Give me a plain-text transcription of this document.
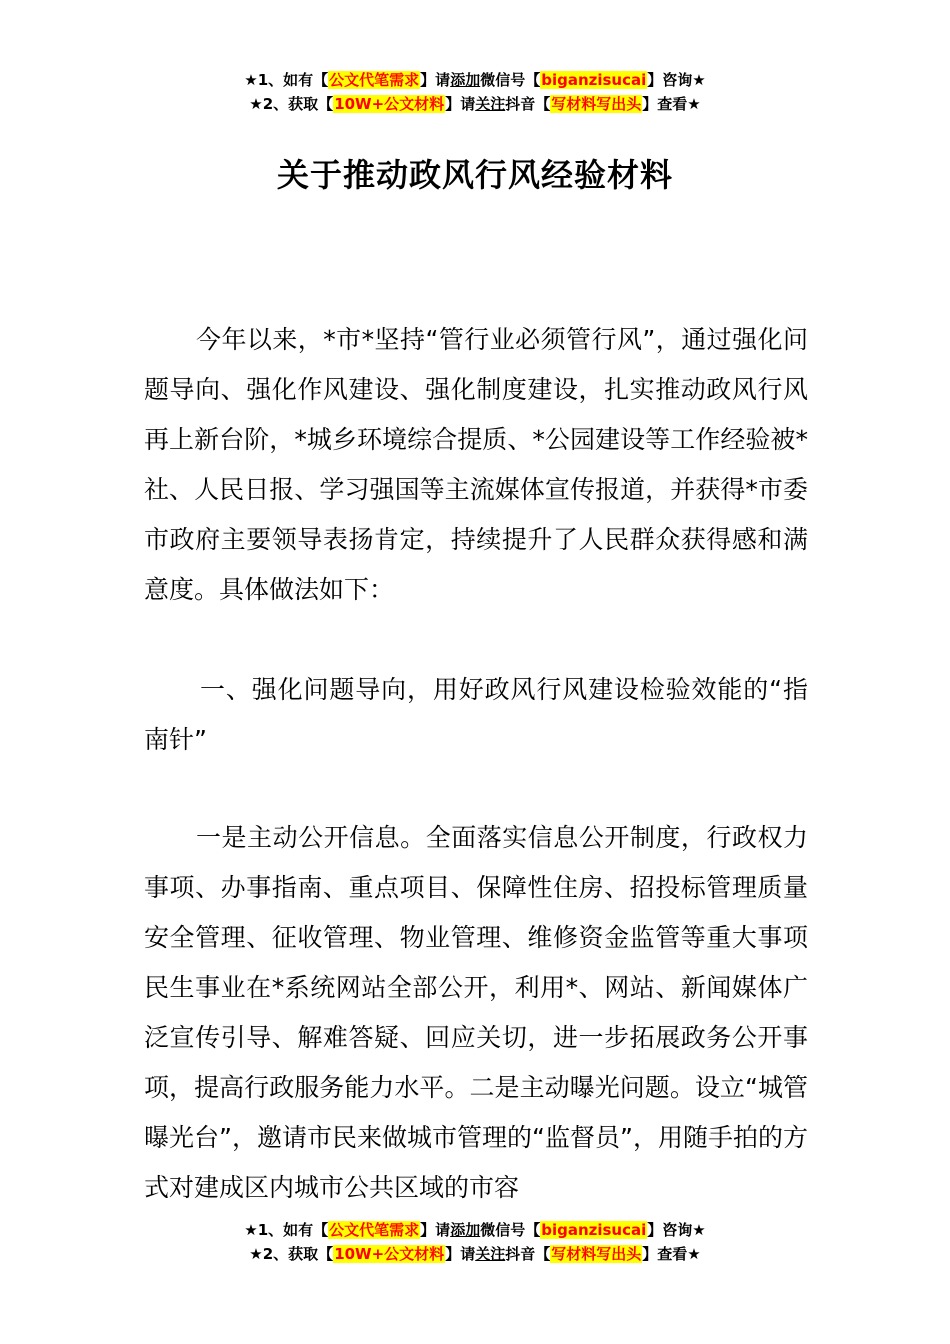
★1、如有【公文代笔需求】请添加微信号【biganzisucai】咨询★
★2、获取【10W+公文材料】请关注抖音【写材料写出头】查看★
关于推动政风行风经验材料

今年以来，*市*坚持“管行业必须管行风”，通过强化问题导向、强化作风建设、强化制度建设，扎实推动政风行风再上新台阶，*城乡环境综合提质、*公园建设等工作经验被*社、人民日报、学习强国等主流媒体宣传报道，并获得*市委市政府主要领导表扬肯定，持续提升了人民群众获得感和满意度。具体做法如下：

一、强化问题导向，用好政风行风建设检验效能的“指南针”

一是主动公开信息。全面落实信息公开制度，行政权力事项、办事指南、重点项目、保障性住房、招投标管理质量安全管理、征收管理、物业管理、维修资金监管等重大事项民生事业在*系统网站全部公开，利用*、网站、新闻媒体广泛宣传引导、解难答疑、回应关切，进一步拓展政务公开事项，提高行政服务能力水平。二是主动曝光问题。设立“城管曝光台”，邀请市民来做城市管理的“监督员”，用随手拍的方式对建成区内城市公共区域的市容

★1、如有【公文代笔需求】请添加微信号【biganzisucai】咨询★
★2、获取【10W+公文材料】请关注抖音【写材料写出头】查看★
